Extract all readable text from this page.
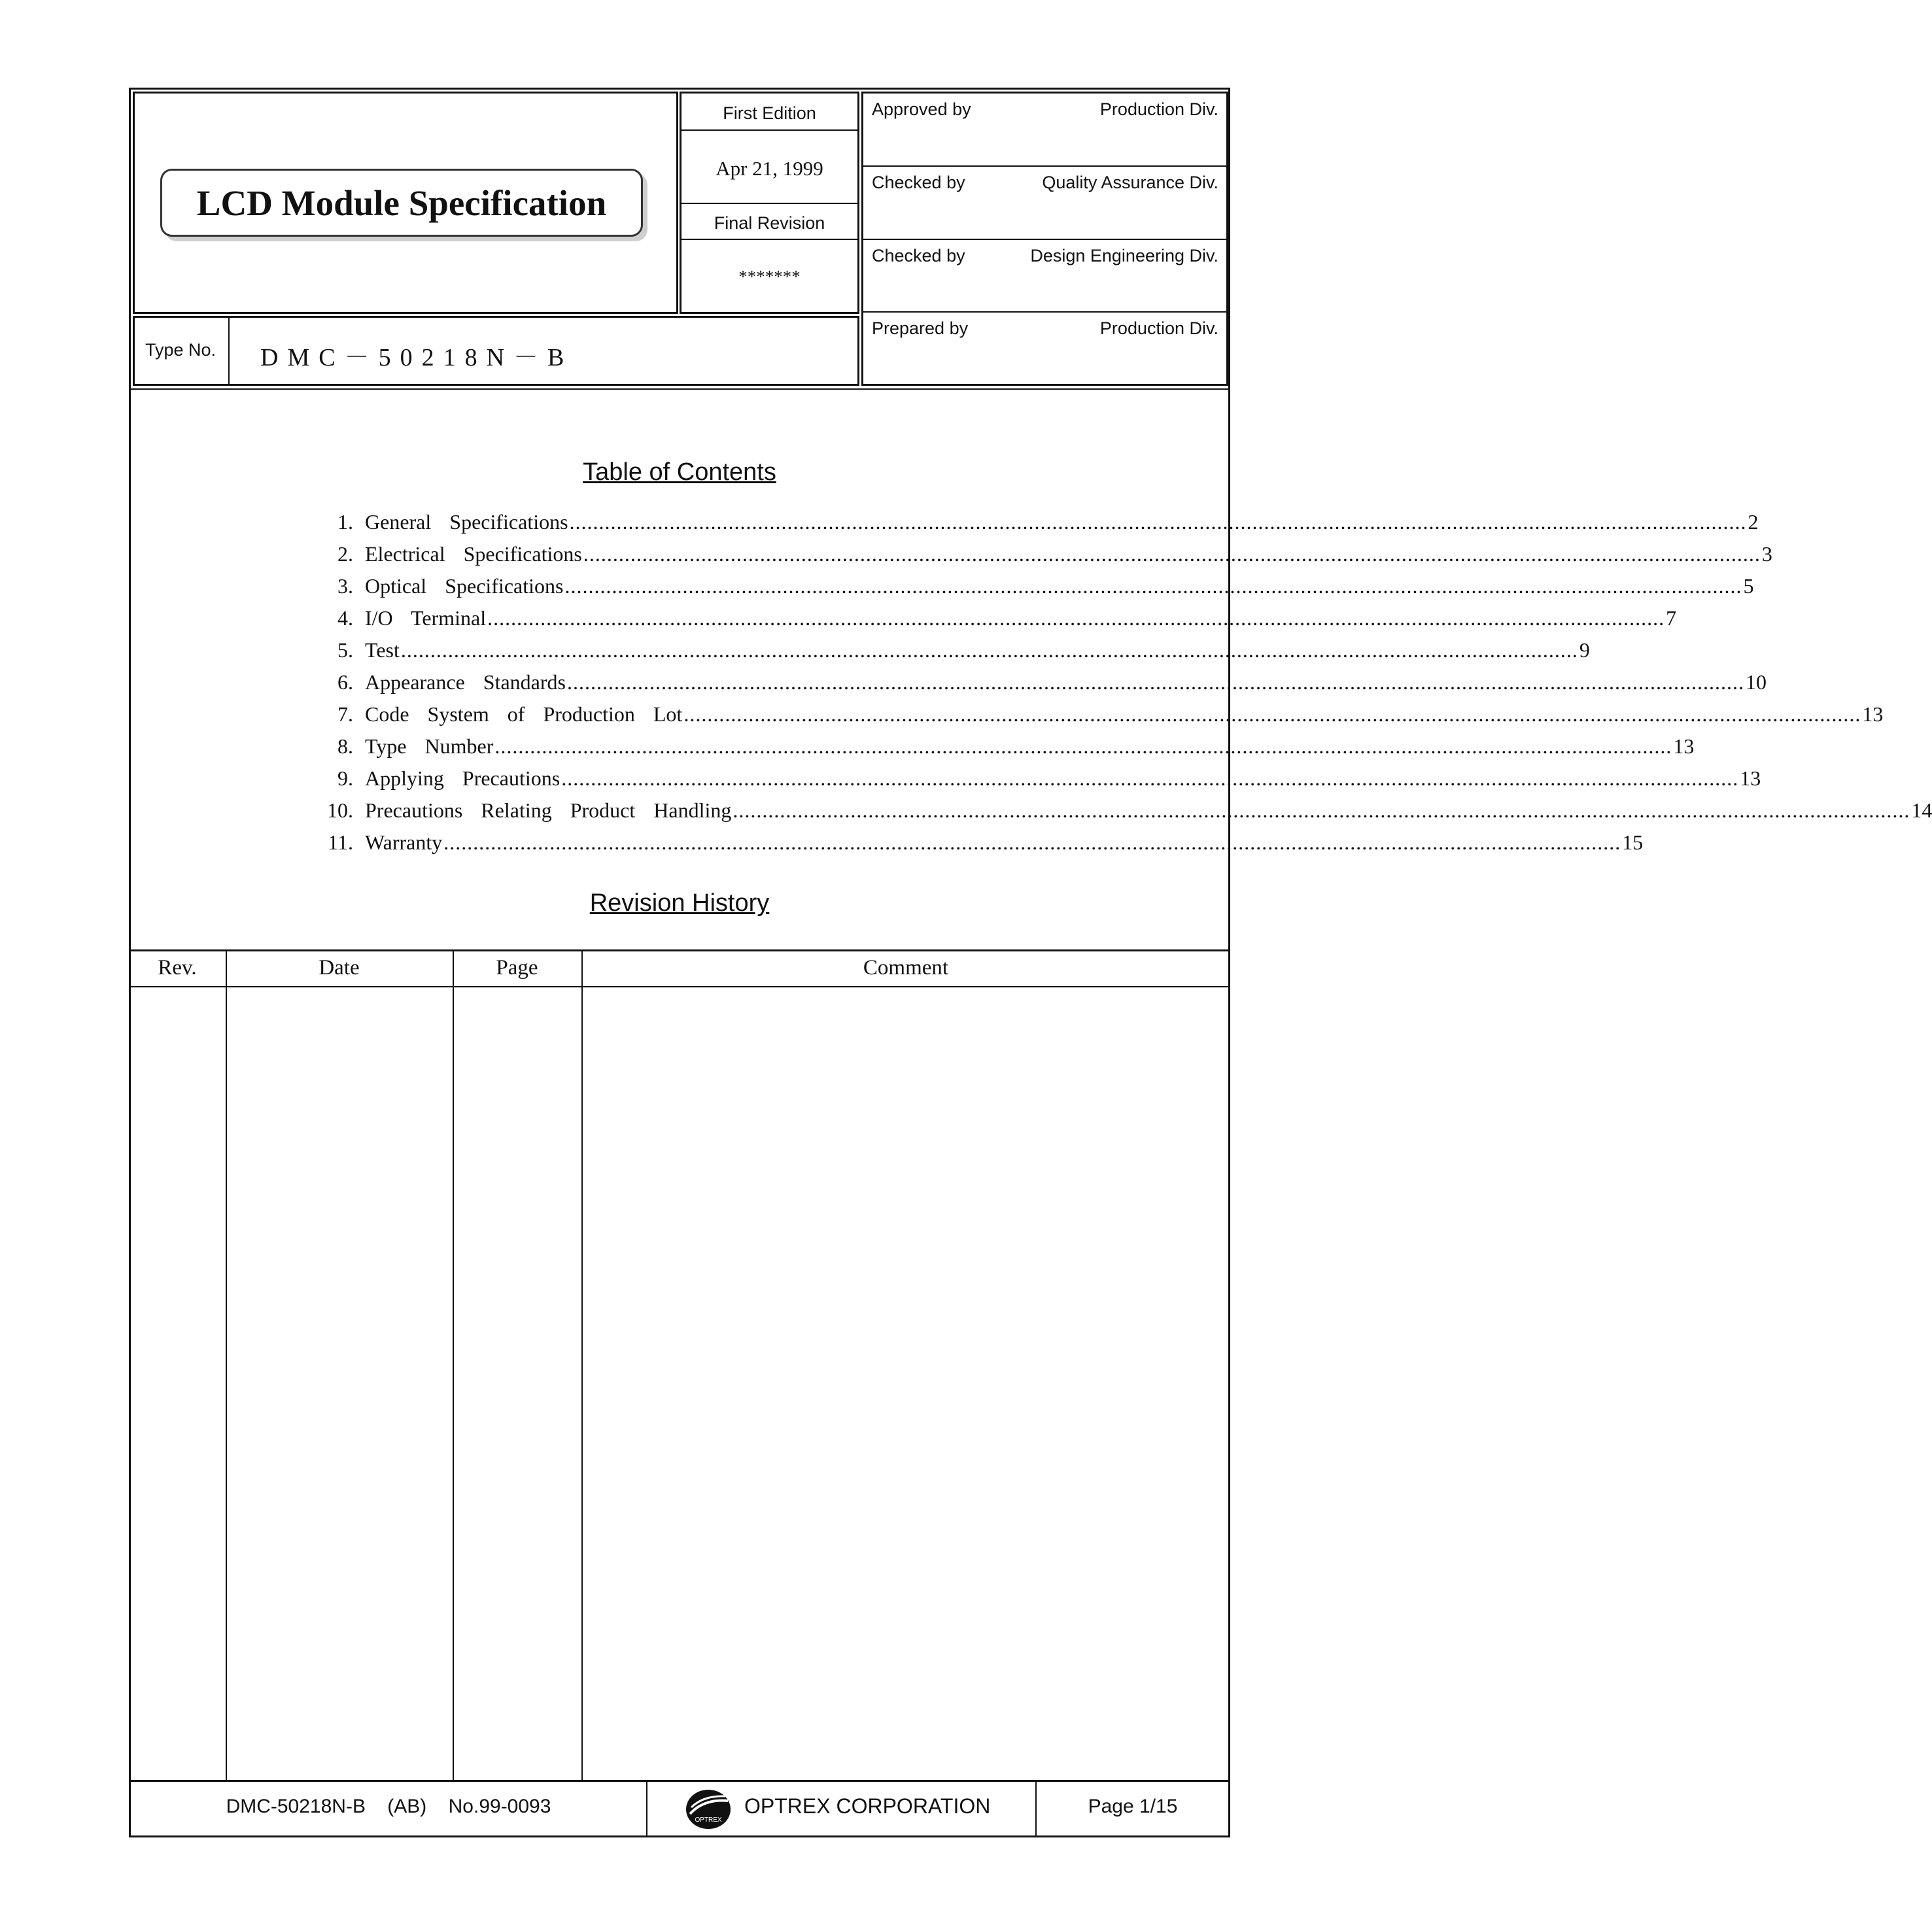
LCD Module Specification
First Edition
Apr 21, 1999
Final Revision
*******
Approved by	Production Div.
Checked by	Quality Assurance Div.
Checked by	Design Engineering Div.
Prepared by	Production Div.
Type No. DMC－50218N－B
Table of Contents
1. General  Specifications ........................................................................................................................................................................................................ 2
2. Electrical  Specifications ........................................................................................................................................................................................................ 3
3. Optical  Specifications ........................................................................................................................................................................................................ 5
4. I/O  Terminal ........................................................................................................................................................................................................ 7
5. Test ........................................................................................................................................................................................................ 9
6. Appearance  Standards ........................................................................................................................................................................................................ 10
7. Code  System  of  Production  Lot ........................................................................................................................................................................................................ 13
8. Type  Number ........................................................................................................................................................................................................ 13
9. Applying  Precautions ........................................................................................................................................................................................................ 13
10. Precautions  Relating  Product  Handling ........................................................................................................................................................................................................ 14
11. Warranty ........................................................................................................................................................................................................ 15
Revision History
Rev.	Date	Page	Comment
DMC-50218N-B    (AB)    No.99-0093
OPTREX
OPTREX CORPORATION	Page 1/15
